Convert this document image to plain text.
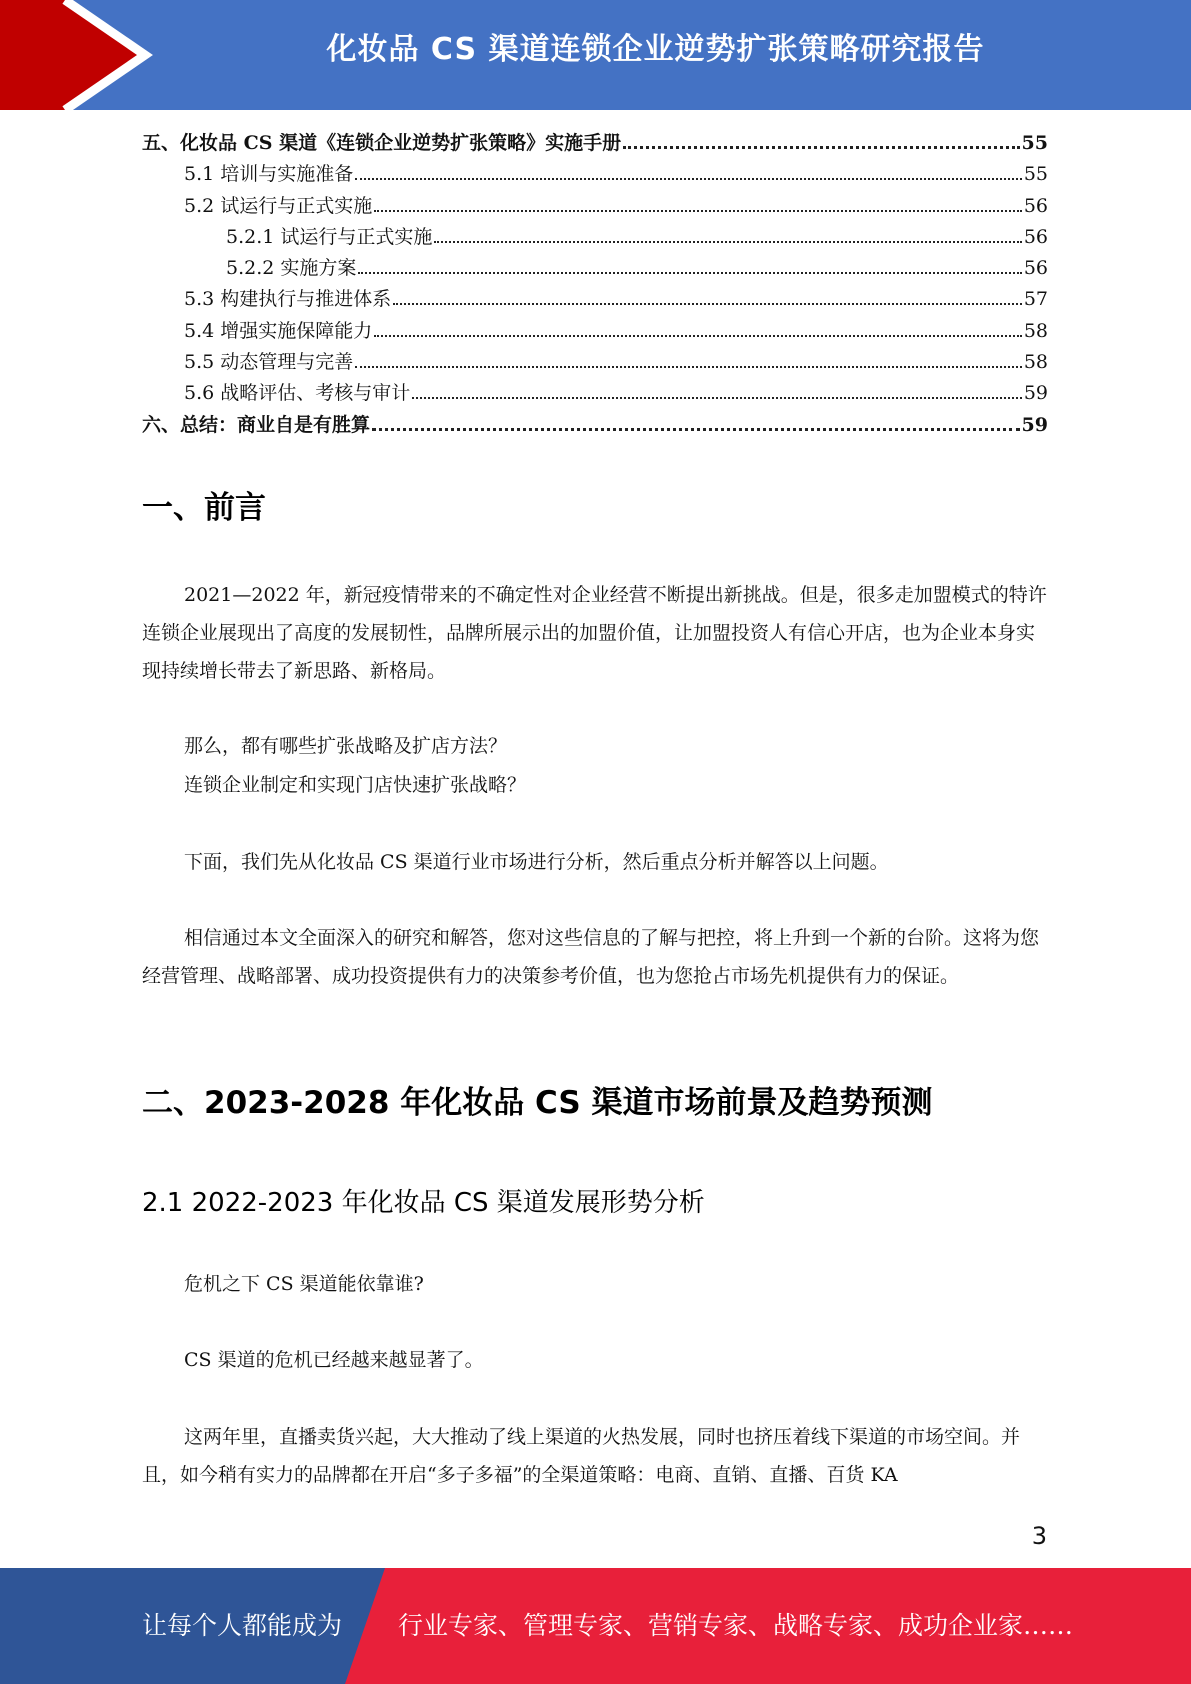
化妆品 CS 渠道连锁企业逆势扩张策略研究报告
五、化妆品 CS 渠道《连锁企业逆势扩张策略》实施手册	55
5.1 培训与实施准备	55
5.2 试运行与正式实施	56
5.2.1 试运行与正式实施	56
5.2.2 实施方案	56
5.3 构建执行与推进体系	57
5.4 增强实施保障能力	58
5.5 动态管理与完善	58
5.6 战略评估、考核与审计	59
六、总结：商业自是有胜算	59
一、前言
2021—2022 年，新冠疫情带来的不确定性对企业经营不断提出新挑战。但是，很多走加盟模式的特许连锁企业展现出了高度的发展韧性，品牌所展示出的加盟价值，让加盟投资人有信心开店，也为企业本身实现持续增长带去了新思路、新格局。
那么，都有哪些扩张战略及扩店方法？
连锁企业制定和实现门店快速扩张战略？
下面，我们先从化妆品 CS 渠道行业市场进行分析，然后重点分析并解答以上问题。
相信通过本文全面深入的研究和解答，您对这些信息的了解与把控，将上升到一个新的台阶。这将为您经营管理、战略部署、成功投资提供有力的决策参考价值，也为您抢占市场先机提供有力的保证。
二、2023-2028 年化妆品 CS 渠道市场前景及趋势预测
2.1 2022-2023 年化妆品 CS 渠道发展形势分析
危机之下 CS 渠道能依靠谁?
CS 渠道的危机已经越来越显著了。
这两年里，直播卖货兴起，大大推动了线上渠道的火热发展，同时也挤压着线下渠道的市场空间。并且，如今稍有实力的品牌都在开启“多子多福”的全渠道策略：电商、直销、直播、百货 KA
3
让每个人都能成为 行业专家、管理专家、营销专家、战略专家、成功企业家……
